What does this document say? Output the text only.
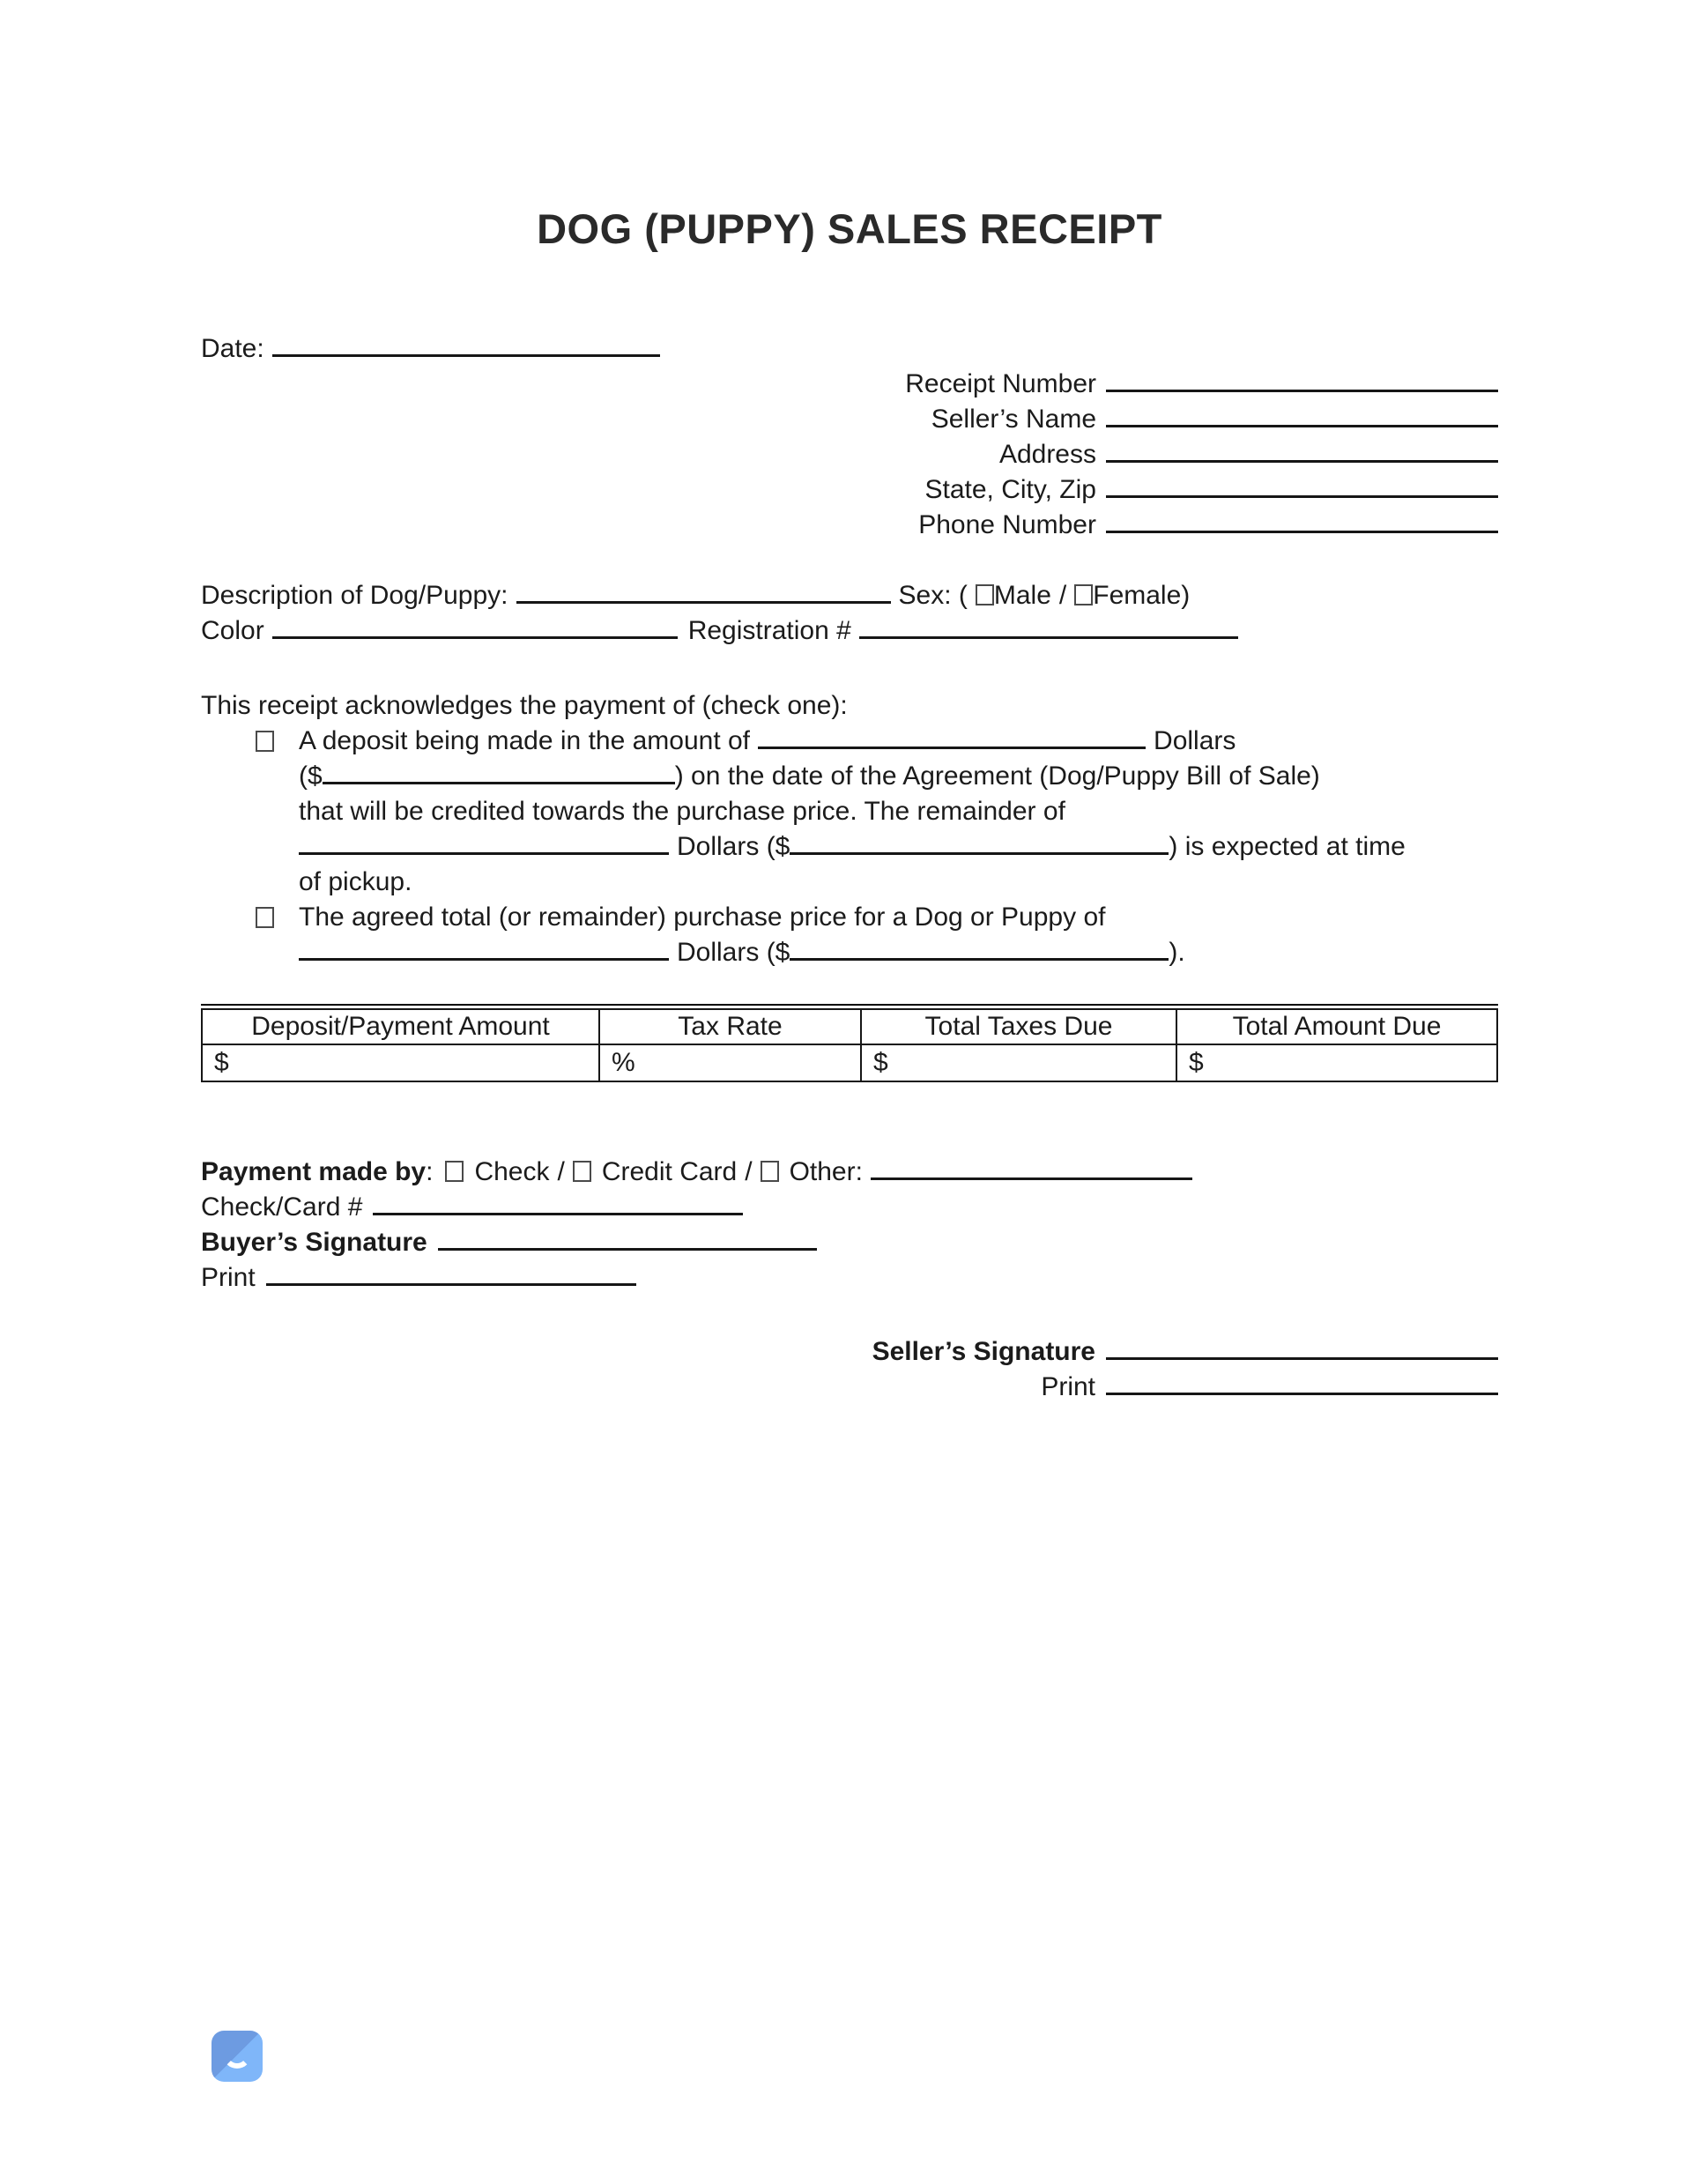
DOG (PUPPY) SALES RECEIPT
Date:
Receipt Number
Seller’s Name
Address
State, City, Zip
Phone Number
Description of Dog/Puppy:	Sex: ( Male / Female)
Color	Registration #
This receipt acknowledges the payment of (check one):
A deposit being made in the amount of	Dollars
($	) on the date of the Agreement (Dog/Puppy Bill of Sale)
that will be credited towards the purchase price. The remainder of
Dollars ($	) is expected at time
of pickup.
The agreed total (or remainder) purchase price for a Dog or Puppy of
Dollars ($	).
Deposit/Payment Amount	Tax Rate	Total Taxes Due	Total Amount Due
$	%	$	$
Payment made by : Check / Credit Card / Other:
Check/Card #
Buyer’s Signature
Print
Seller’s Signature
Print
